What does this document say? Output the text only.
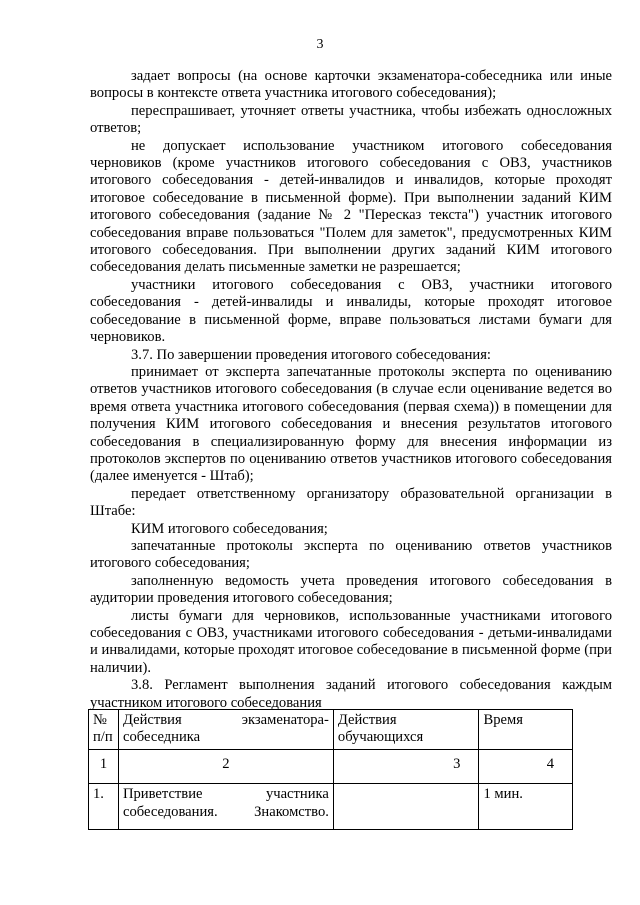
3

задает вопросы (на основе карточки экзаменатора-собеседника или иные вопросы в контексте ответа участника итогового собеседования);

переспрашивает, уточняет ответы участника, чтобы избежать односложных ответов;

не допускает использование участником итогового собеседования черновиков (кроме участников итогового собеседования с ОВЗ, участников итогового собеседования - детей-инвалидов и инвалидов, которые проходят итоговое собеседование в письменной форме). При выполнении заданий КИМ итогового собеседования (задание № 2 "Пересказ текста") участник итогового собеседования вправе пользоваться "Полем для заметок", предусмотренных КИМ итогового собеседования. При выполнении других заданий КИМ итогового собеседования делать письменные заметки не разрешается;

участники итогового собеседования с ОВЗ, участники итогового собеседования - детей-инвалиды и инвалиды, которые проходят итоговое собеседование в письменной форме, вправе пользоваться листами бумаги для черновиков.

3.7. По завершении проведения итогового собеседования:

принимает от эксперта запечатанные протоколы эксперта по оцениванию ответов участников итогового собеседования (в случае если оценивание ведется во время ответа участника итогового собеседования (первая схема)) в помещении для получения КИМ итогового собеседования и внесения результатов итогового собеседования в специализированную форму для внесения информации из протоколов экспертов по оцениванию ответов участников итогового собеседования (далее именуется - Штаб);

передает ответственному организатору образовательной организации в Штабе:

КИМ итогового собеседования;

запечатанные протоколы эксперта по оцениванию ответов участников итогового собеседования;

заполненную ведомость учета проведения итогового собеседования в аудитории проведения итогового собеседования;

листы бумаги для черновиков, использованные участниками итогового собеседования с ОВЗ, участниками итогового собеседования - детьми-инвалидами и инвалидами, которые проходят итоговое собеседование в письменной форме (при наличии).

3.8. Регламент выполнения заданий итогового собеседования каждым участником итогового собеседования

№ п/п	Действия экзаменатора-собеседника	Действия обучающихся	Время
1	2	3	4
1.	Приветствие участника собеседования. Знакомство.		1 мин.
